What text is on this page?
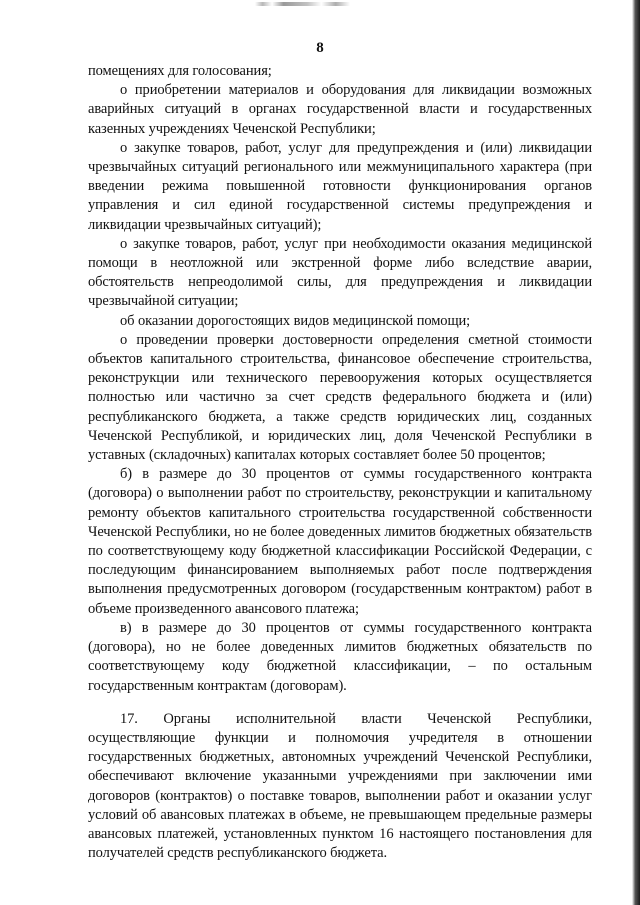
8

помещениях для голосования;

о приобретении материалов и оборудования для ликвидации возможных аварийных ситуаций в органах государственной власти и государственных казенных учреждениях Чеченской Республики;

о закупке товаров, работ, услуг для предупреждения и (или) ликвидации чрезвычайных ситуаций регионального или межмуниципального характера (при введении режима повышенной готовности функционирования органов управления и сил единой государственной системы предупреждения и ликвидации чрезвычайных ситуаций);

о закупке товаров, работ, услуг при необходимости оказания медицинской помощи в неотложной или экстренной форме либо вследствие аварии, обстоятельств непреодолимой силы, для предупреждения и ликвидации чрезвычайной ситуации;

об оказании дорогостоящих видов медицинской помощи;

о проведении проверки достоверности определения сметной стоимости объектов капитального строительства, финансовое обеспечение строительства, реконструкции или технического перевооружения которых осуществляется полностью или частично за счет средств федерального бюджета и (или) республиканского бюджета, а также средств юридических лиц, созданных Чеченской Республикой, и юридических лиц, доля Чеченской Республики в уставных (складочных) капиталах которых составляет более 50 процентов;

б) в размере до 30 процентов от суммы государственного контракта (договора) о выполнении работ по строительству, реконструкции и капитальному ремонту объектов капитального строительства государственной собственности Чеченской Республики, но не более доведенных лимитов бюджетных обязательств по соответствующему коду бюджетной классификации Российской Федерации, с последующим финансированием выполняемых работ после подтверждения выполнения предусмотренных договором (государственным контрактом) работ в объеме произведенного авансового платежа;

в) в размере до 30 процентов от суммы государственного контракта (договора), но не более доведенных лимитов бюджетных обязательств по соответствующему коду бюджетной классификации, – по остальным государственным контрактам (договорам).

17. Органы исполнительной власти Чеченской Республики, осуществляющие функции и полномочия учредителя в отношении государственных бюджетных, автономных учреждений Чеченской Республики, обеспечивают включение указанными учреждениями при заключении ими договоров (контрактов) о поставке товаров, выполнении работ и оказании услуг условий об авансовых платежах в объеме, не превышающем предельные размеры авансовых платежей, установленных пунктом 16 настоящего постановления для получателей средств республиканского бюджета.
